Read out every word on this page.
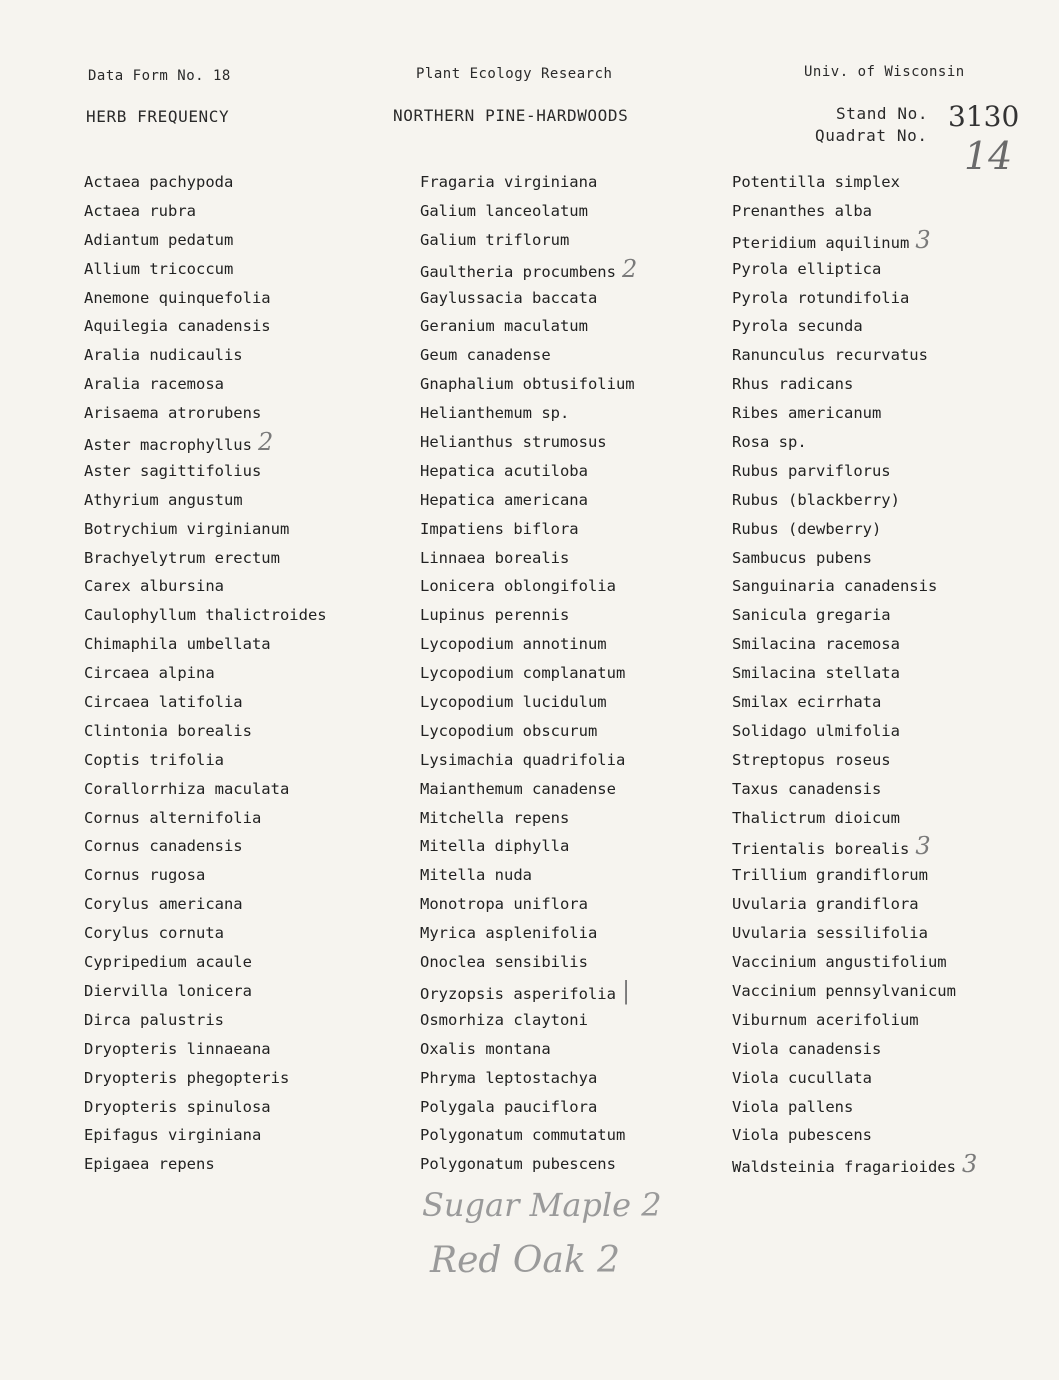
Data Form No. 18	Plant Ecology Research	Univ. of Wisconsin
HERB FREQUENCY	NORTHERN PINE-HARDWOODS	Stand No.
Quadrat No.
3130
14
Actaea pachypoda
Actaea rubra
Adiantum pedatum
Allium tricoccum
Anemone quinquefolia
Aquilegia canadensis
Aralia nudicaulis
Aralia racemosa
Arisaema atrorubens
Aster macrophyllus 2
Aster sagittifolius
Athyrium angustum
Botrychium virginianum
Brachyelytrum erectum
Carex albursina
Caulophyllum thalictroides
Chimaphila umbellata
Circaea alpina
Circaea latifolia
Clintonia borealis
Coptis trifolia
Corallorrhiza maculata
Cornus alternifolia
Cornus canadensis
Cornus rugosa
Corylus americana
Corylus cornuta
Cypripedium acaule
Diervilla lonicera
Dirca palustris
Dryopteris linnaeana
Dryopteris phegopteris
Dryopteris spinulosa
Epifagus virginiana
Epigaea repens
Fragaria virginiana
Galium lanceolatum
Galium triflorum
Gaultheria procumbens 2
Gaylussacia baccata
Geranium maculatum
Geum canadense
Gnaphalium obtusifolium
Helianthemum sp.
Helianthus strumosus
Hepatica acutiloba
Hepatica americana
Impatiens biflora
Linnaea borealis
Lonicera oblongifolia
Lupinus perennis
Lycopodium annotinum
Lycopodium complanatum
Lycopodium lucidulum
Lycopodium obscurum
Lysimachia quadrifolia
Maianthemum canadense
Mitchella repens
Mitella diphylla
Mitella nuda
Monotropa uniflora
Myrica asplenifolia
Onoclea sensibilis
Oryzopsis asperifolia |
Osmorhiza claytoni
Oxalis montana
Phryma leptostachya
Polygala pauciflora
Polygonatum commutatum
Polygonatum pubescens
Potentilla simplex
Prenanthes alba
Pteridium aquilinum 3
Pyrola elliptica
Pyrola rotundifolia
Pyrola secunda
Ranunculus recurvatus
Rhus radicans
Ribes americanum
Rosa sp.
Rubus parviflorus
Rubus (blackberry)
Rubus (dewberry)
Sambucus pubens
Sanguinaria canadensis
Sanicula gregaria
Smilacina racemosa
Smilacina stellata
Smilax ecirrhata
Solidago ulmifolia
Streptopus roseus
Taxus canadensis
Thalictrum dioicum
Trientalis borealis 3
Trillium grandiflorum
Uvularia grandiflora
Uvularia sessilifolia
Vaccinium angustifolium
Vaccinium pennsylvanicum
Viburnum acerifolium
Viola canadensis
Viola cucullata
Viola pallens
Viola pubescens
Waldsteinia fragarioides 3
Sugar Maple 2
Red Oak 2
